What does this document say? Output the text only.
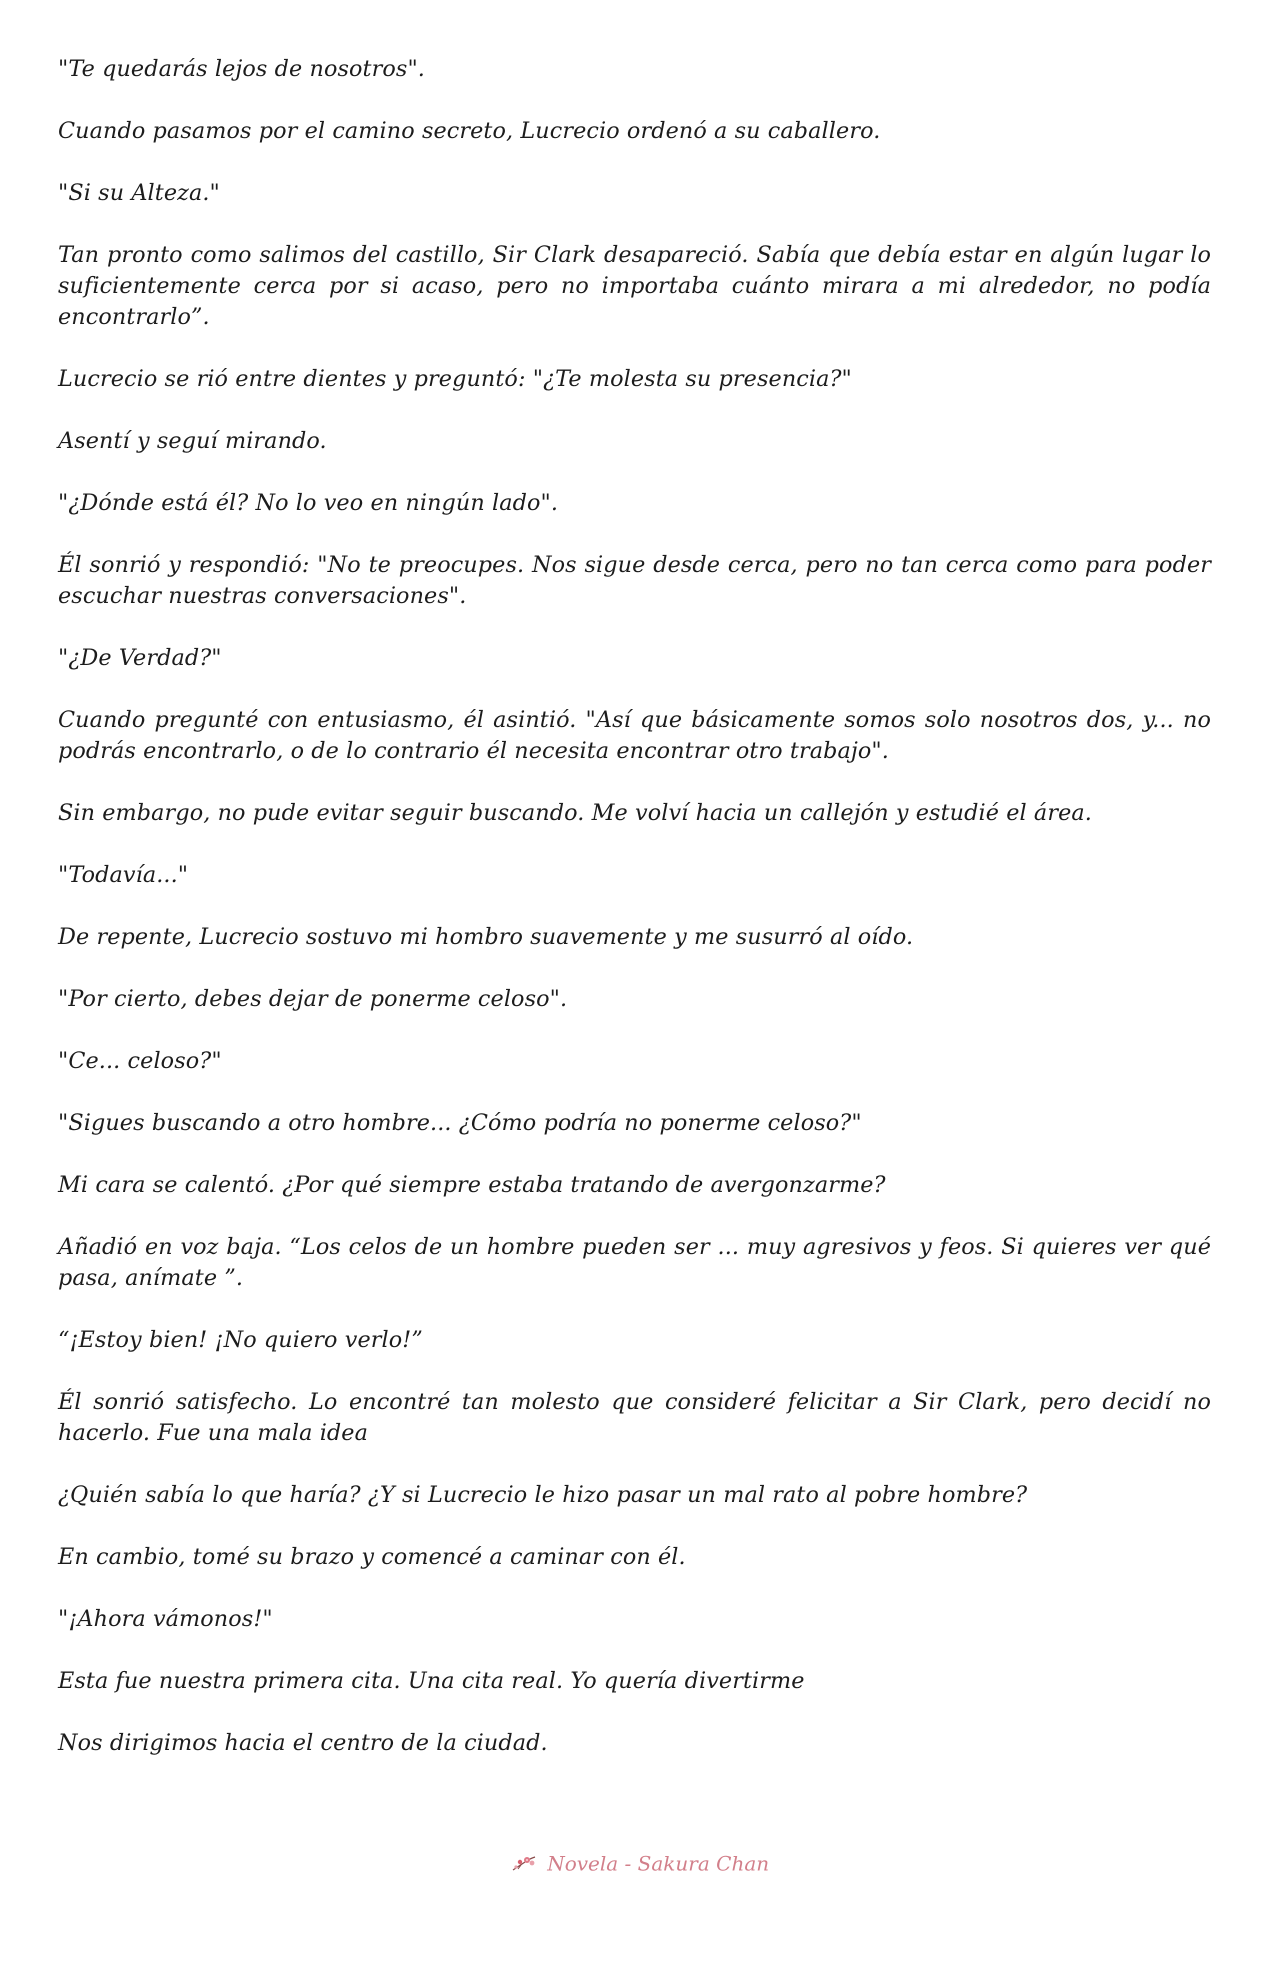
"Te quedarás lejos de nosotros".

Cuando pasamos por el camino secreto, Lucrecio ordenó a su caballero.

"Si su Alteza."

Tan pronto como salimos del castillo, Sir Clark desapareció. Sabía que debía estar en algún lugar lo suficientemente cerca por si acaso, pero no importaba cuánto mirara a mi alrededor, no podía encontrarlo”.

Lucrecio se rió entre dientes y preguntó: "¿Te molesta su presencia?"

Asentí y seguí mirando.

"¿Dónde está él? No lo veo en ningún lado".

Él sonrió y respondió: "No te preocupes. Nos sigue desde cerca, pero no tan cerca como para poder escuchar nuestras conversaciones".

"¿De Verdad?"

Cuando pregunté con entusiasmo, él asintió. "Así que básicamente somos solo nosotros dos, y... no podrás encontrarlo, o de lo contrario él necesita encontrar otro trabajo".

Sin embargo, no pude evitar seguir buscando. Me volví hacia un callejón y estudié el área.

"Todavía..."

De repente, Lucrecio sostuvo mi hombro suavemente y me susurró al oído.

"Por cierto, debes dejar de ponerme celoso".

"Ce... celoso?"

"Sigues buscando a otro hombre... ¿Cómo podría no ponerme celoso?"

Mi cara se calentó. ¿Por qué siempre estaba tratando de avergonzarme?

Añadió en voz baja. “Los celos de un hombre pueden ser ... muy agresivos y feos. Si quieres ver qué pasa, anímate ”.

“¡Estoy bien! ¡No quiero verlo!”

Él sonrió satisfecho. Lo encontré tan molesto que consideré felicitar a Sir Clark, pero decidí no hacerlo. Fue una mala idea

¿Quién sabía lo que haría? ¿Y si Lucrecio le hizo pasar un mal rato al pobre hombre?

En cambio, tomé su brazo y comencé a caminar con él.

"¡Ahora vámonos!"

Esta fue nuestra primera cita. Una cita real. Yo quería divertirme

Nos dirigimos hacia el centro de la ciudad.

Novela - Sakura Chan
